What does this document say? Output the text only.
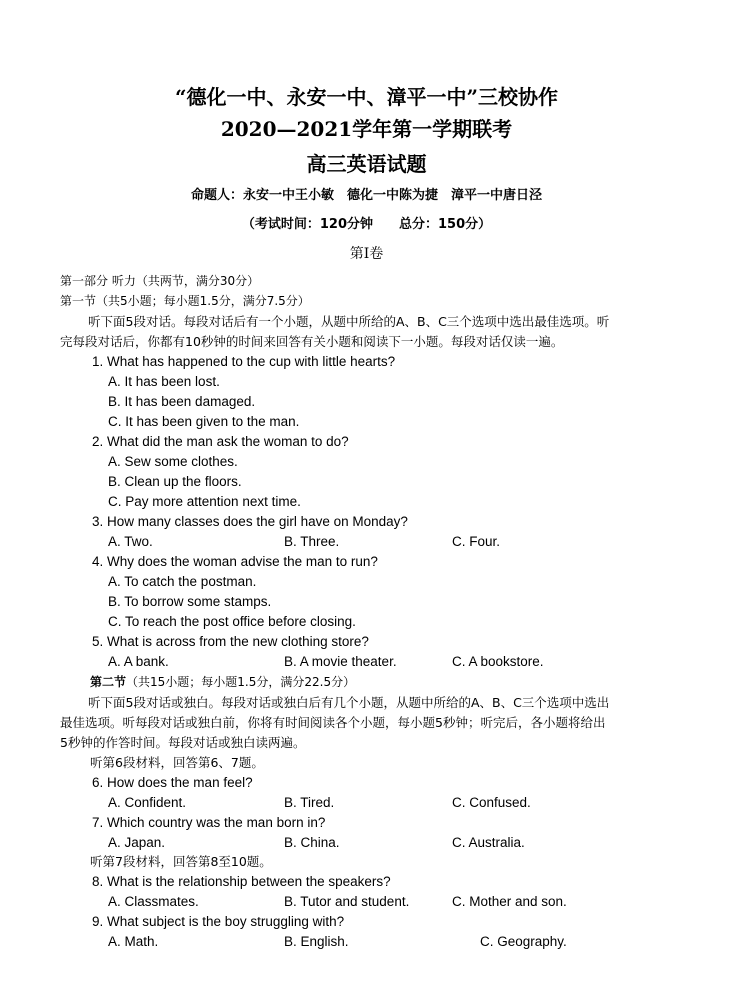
“德化一中、永安一中、漳平一中”三校协作
2020—2021学年第一学期联考
高三英语试题
命题人：永安一中王小敏　德化一中陈为捷　漳平一中唐日泾
（考试时间：120分钟　　总分：150分）
第Ⅰ卷
第一部分 听力（共两节，满分30分）
第一节（共5小题；每小题1.5分，满分7.5分）
听下面5段对话。每段对话后有一个小题，从题中所给的A、B、C三个选项中选出最佳选项。听
完每段对话后，你都有10秒钟的时间来回答有关小题和阅读下一小题。每段对话仅读一遍。
1. What has happened to the cup with little hearts?
A. It has been lost.
B. It has been damaged.
C. It has been given to the man.
2. What did the man ask the woman to do?
A. Sew some clothes.
B. Clean up the floors.
C. Pay more attention next time.
3. How many classes does the girl have on Monday?
A. Two.	B. Three.	C. Four.
4. Why does the woman advise the man to run?
A. To catch the postman.
B. To borrow some stamps.
C. To reach the post office before closing.
5. What is across from the new clothing store?
A. A bank.	B. A movie theater.	C. A bookstore.
第二节（共15小题；每小题1.5分，满分22.5分）
听下面5段对话或独白。每段对话或独白后有几个小题，从题中所给的A、B、C三个选项中选出
最佳选项。听每段对话或独白前，你将有时间阅读各个小题，每小题5秒钟；听完后，各小题将给出
5秒钟的作答时间。每段对话或独白读两遍。
听第6段材料，回答第6、7题。
6. How does the man feel?
A. Confident.	B. Tired.	C. Confused.
7. Which country was the man born in?
A. Japan.	B. China.	C. Australia.
听第7段材料，回答第8至10题。
8. What is the relationship between the speakers?
A. Classmates.	B. Tutor and student.	C. Mother and son.
9. What subject is the boy struggling with?
A. Math.	B. English.	C. Geography.
